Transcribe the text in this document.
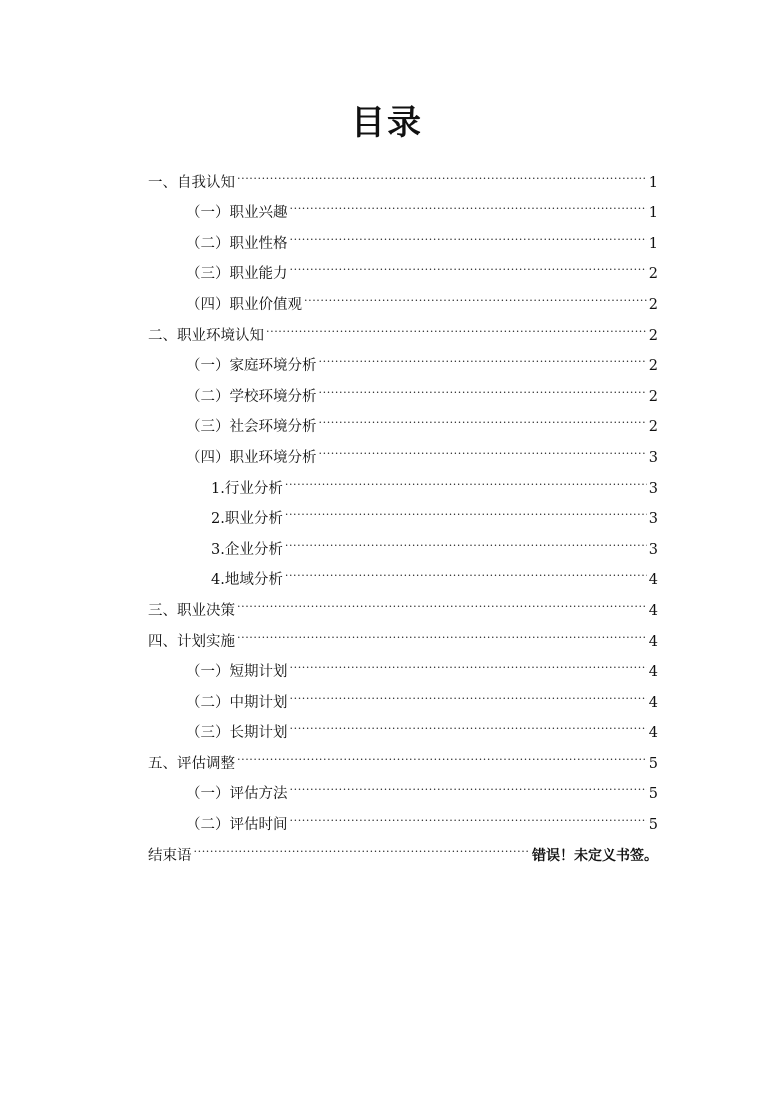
目录
一、自我认知 .....	1
（一）职业兴趣 .....	1
（二）职业性格 .....	1
（三）职业能力 .....	2
（四）职业价值观 .....	2
二、职业环境认知 .....	2
（一）家庭环境分析 .....	2
（二）学校环境分析 .....	2
（三）社会环境分析 .....	2
（四）职业环境分析 .....	3
1.行业分析 .....	3
2.职业分析 .....	3
3.企业分析 .....	3
4.地域分析 .....	4
三、职业决策 .....	4
四、计划实施 .....	4
（一）短期计划 .....	4
（二）中期计划 .....	4
（三）长期计划 .....	4
五、评估调整 .....	5
（一）评估方法 .....	5
（二）评估时间 .....	5
结束语 .....	错误！未定义书签。
